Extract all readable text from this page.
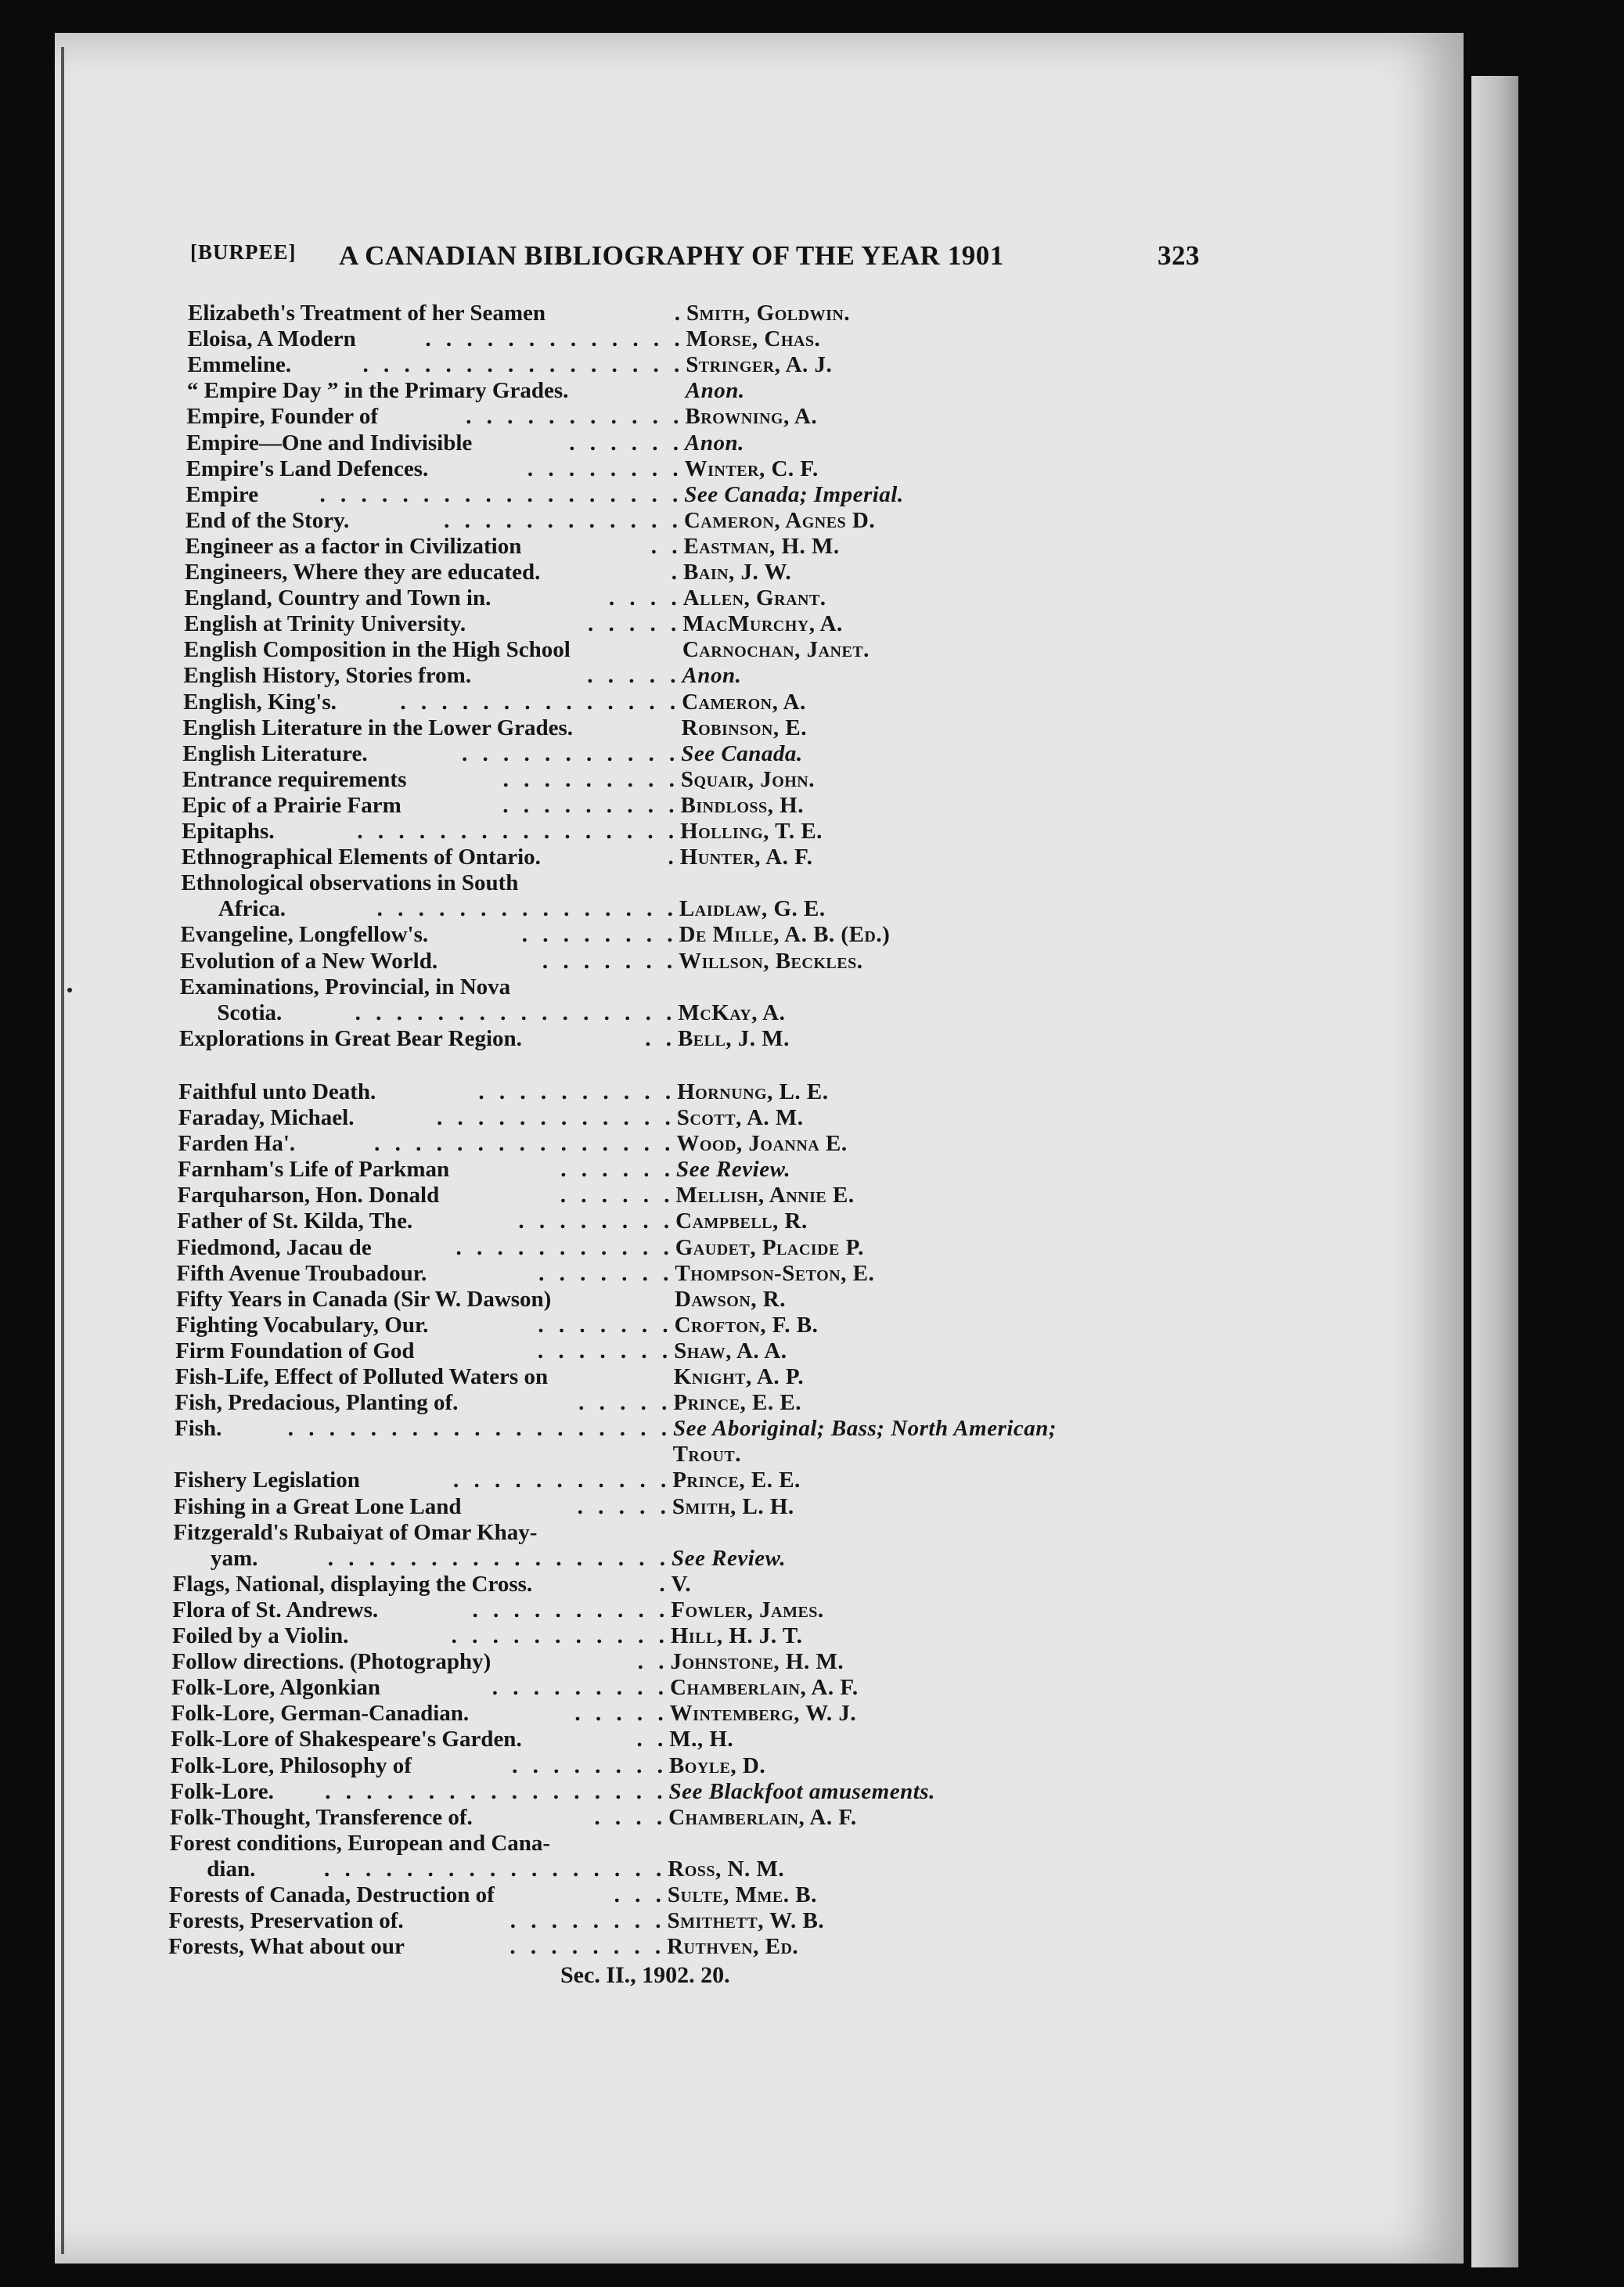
[BURPEE] A CANADIAN BIBLIOGRAPHY OF THE YEAR 1901	323
Elizabeth's Treatment of her Seamen	. Smith, Goldwin.
Eloisa, A Modern	. . . . . . . . . . . . . Morse, Chas.
Emmeline.	. . . . . . . . . . . . . . . . Stringer, A. J.
“ Empire Day ” in the Primary Grades.	Anon.
Empire, Founder of	. . . . . . . . . . . Browning, A.
Empire—One and Indivisible	. . . . . . Anon.
Empire's Land Defences.	. . . . . . . . Winter, C. F.
Empire	. . . . . . . . . . . . . . . . . . See Canada; Imperial.
End of the Story.	. . . . . . . . . . . . Cameron, Agnes D.
Engineer as a factor in Civilization	. . Eastman, H. M.
Engineers, Where they are educated.	. Bain, J. W.
England, Country and Town in.	. . . . Allen, Grant.
English at Trinity University.	. . . . . MacMurchy, A.
English Composition in the High School	Carnochan, Janet.
English History, Stories from.	. . . . . Anon.
English, King's.	. . . . . . . . . . . . . . Cameron, A.
English Literature in the Lower Grades.	Robinson, E.
English Literature.	. . . . . . . . . . . See Canada.
Entrance requirements	. . . . . . . . . Squair, John.
Epic of a Prairie Farm	. . . . . . . . . Bindloss, H.
Epitaphs.	. . . . . . . . . . . . . . . . Holling, T. E.
Ethnographical Elements of Ontario.	. Hunter, A. F.
Ethnological observations in South
Africa.	. . . . . . . . . . . . . . . Laidlaw, G. E.
Evangeline, Longfellow's.	. . . . . . . . De Mille, A. B. (Ed.)
Evolution of a New World.	. . . . . . . Willson, Beckles.
Examinations, Provincial, in Nova
Scotia.	. . . . . . . . . . . . . . . . McKay, A.
Explorations in Great Bear Region.	. . Bell, J. M.
Faithful unto Death.	. . . . . . . . . . Hornung, L. E.
Faraday, Michael.	. . . . . . . . . . . . Scott, A. M.
Farden Ha'.	. . . . . . . . . . . . . . . Wood, Joanna E.
Farnham's Life of Parkman	. . . . . . See Review.
Farquharson, Hon. Donald	. . . . . . Mellish, Annie E.
Father of St. Kilda, The.	. . . . . . . . Campbell, R.
Fiedmond, Jacau de	. . . . . . . . . . . Gaudet, Placide P.
Fifth Avenue Troubadour.	. . . . . . . Thompson-Seton, E.
Fifty Years in Canada (Sir W. Dawson)	Dawson, R.
Fighting Vocabulary, Our.	. . . . . . . Crofton, F. B.
Firm Foundation of God	. . . . . . . Shaw, A. A.
Fish-Life, Effect of Polluted Waters on	Knight, A. P.
Fish, Predacious, Planting of.	. . . . . Prince, E. E.
Fish.	. . . . . . . . . . . . . . . . . . . See Aboriginal; Bass; North American;
Trout.
Fishery Legislation	. . . . . . . . . . . Prince, E. E.
Fishing in a Great Lone Land	. . . . . Smith, L. H.
Fitzgerald's Rubaiyat of Omar Khay-
yam.	. . . . . . . . . . . . . . . . . See Review.
Flags, National, displaying the Cross.	. V.
Flora of St. Andrews.	. . . . . . . . . . Fowler, James.
Foiled by a Violin.	. . . . . . . . . . . Hill, H. J. T.
Follow directions. (Photography)	. . Johnstone, H. M.
Folk-Lore, Algonkian	. . . . . . . . . Chamberlain, A. F.
Folk-Lore, German-Canadian.	. . . . . Wintemberg, W. J.
Folk-Lore of Shakespeare's Garden.	. . M., H.
Folk-Lore, Philosophy of	. . . . . . . . Boyle, D.
Folk-Lore. . . . . . . . . . . . . . . . . . See Blackfoot amusements.
Folk-Thought, Transference of.	. . . . Chamberlain, A. F.
Forest conditions, European and Cana-
dian.	. . . . . . . . . . . . . . . . . Ross, N. M.
Forests of Canada, Destruction of	. . . Sulte, Mme. B.
Forests, Preservation of.	. . . . . . . . Smithett, W. B.
Forests, What about our	. . . . . . . . Ruthven, Ed.
Sec. II., 1902. 20.
